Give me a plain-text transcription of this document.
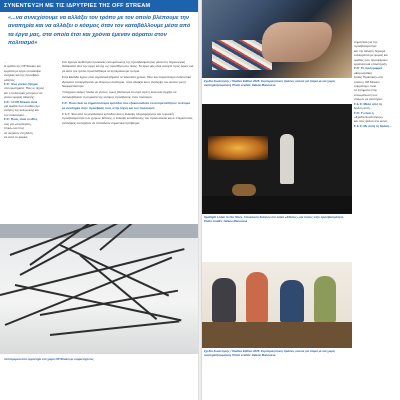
ΣΥΝΕΝΤΕΥΞΗ ΜΕ ΤΙΣ ΙΔΡΥΤΡΙΕΣ ΤΗΣ OFF STREAM
«...να συνεχίσουμε να αλλάξει τον τρόπο με τον οποίο βλέπουμε την αναπηρία και να αλλάξει ο κόσμος όταν τον καταβάλλουμε μέσα από τα έργα μας, στα οποία έτσι και χρόνια έμεναν αόρατοι στον πολιτισμό»
...
Η ομάδα της Off Stream και
εργασία με έργα να καλύψει
ανάγκες και της προσβασι-
μότητας.
Σ.Ρ.: Ένα γενικό ζήτημα
στα ερωτήματα: Πώς οι τέχνες
και ο πολιτισμός μπορούν να
γίνουν φορείς αλλαγής;
Σ.Κ.: Η Off Stream είναι
μία ομάδα που συνδέει την
ανάγκη της κοινωνικής και
του πολιτισμού...
Σ.Ρ.: Ποιες είναι οι ιδέες
σας για «συμπεριλη-
πτικό» και πώς
να ανήκουν στη βάση
σε αυτό το φορέα;

έτσι έχουμε υιοθετήσει πρακτικές ενσωμάτωσης της προσβασιμότητας μέσα στη δημιουργική διαδικασία από την αρχή και όχι ως προσθήκη στο τέλος. Τα έργα μας είναι ανοιχτά προς όλους και με αυτό τον τρόπο προσπαθούμε να ξεπεράσουμε τα όρια.

Στην Ελλάδα έχουν γίνει σημαντικά βήματα τα τελευταία χρόνια. Όσο και περισσότερα πολιτιστικά ιδρύματα συνεργάζονται με άτομα με αναπηρία, τόσο αλλάζει και η αντίληψη του κοινού για τη διαφορετικότητα.

Υπάρχουν ακόμη πολλά να γίνουν, όμως βλέπουμε ότι σιγά σιγά η κοινωνία αρχίζει να αντιλαμβάνεται τη σημασία της ισότιμης πρόσβασης στον πολιτισμό.

Σ.Ρ.: Ποια είναι τα σημαντικότερα εμπόδια που εξακολουθούν να αντιμετωπίζουν τα άτομα με αναπηρία στην πρόσβαση τους στην τέχνη και τον πολιτισμό;

Σ & Χ: Ένα από τα μεγαλύτερα εμπόδια είναι η έλλειψη πληροφόρησης και η φυσική προσβασιμότητα των χώρων. Επίσης, η έλλειψη εκπαίδευσης του προσωπικού και οι στερεότυπες αντιλήψεις συνεχίζουν να αποτελούν σημαντικό πρόβλημα.

Σχεδία Συνάντησης / Studies Edition 2025. Συμπεριληπτικές δράσεις κοινού για άτομα με και χωρίς αναπηρία(σωματική, Photo credits: Helene Manoussa
Spotlight Listen to Our Story. Απεικόνιση θεάτρου στο λαϊκό «Αθέατες» και ταινίες στην προσβασιμότητα. Photo credits: Helene Manoussa
Λεπτομέρεια από εργαστήρι στο χώρο Off Stream με συμμετέχοντες
Σχεδία Συνάντησης / Studies Edition 2025. Συμπεριληπτικές δράσεις κοινού για άτομα με και χωρίς αναπηρία(σωματική, Photo credits: Helene Manoussa
σημαντικό για την προσβασιμότητα
και την αλλαγή. Έχουμε
συνεργασία με φορείς και
ομάδες που προσφέρουν
εργαλεία και υποστήριξη.
Σ.Ρ.: Το πρόγραμμα
«Ευρωπαϊκές
Καλές Πρακτικές» στο
οποίο η Off Stream
συμμετέχει, ποια
τα ζητήματα στην
ενσωμάτωση των
ατόμων με αναπηρία;
Σ & Χ: Μέσα από τη
δράση αυτή...
Σ.Ρ.: Τι είναι η
«Σχεδία Συνάντησης»
και πώς φτάνει στο κοινό;
Σ & Χ: Με αυτή τη δράση...
